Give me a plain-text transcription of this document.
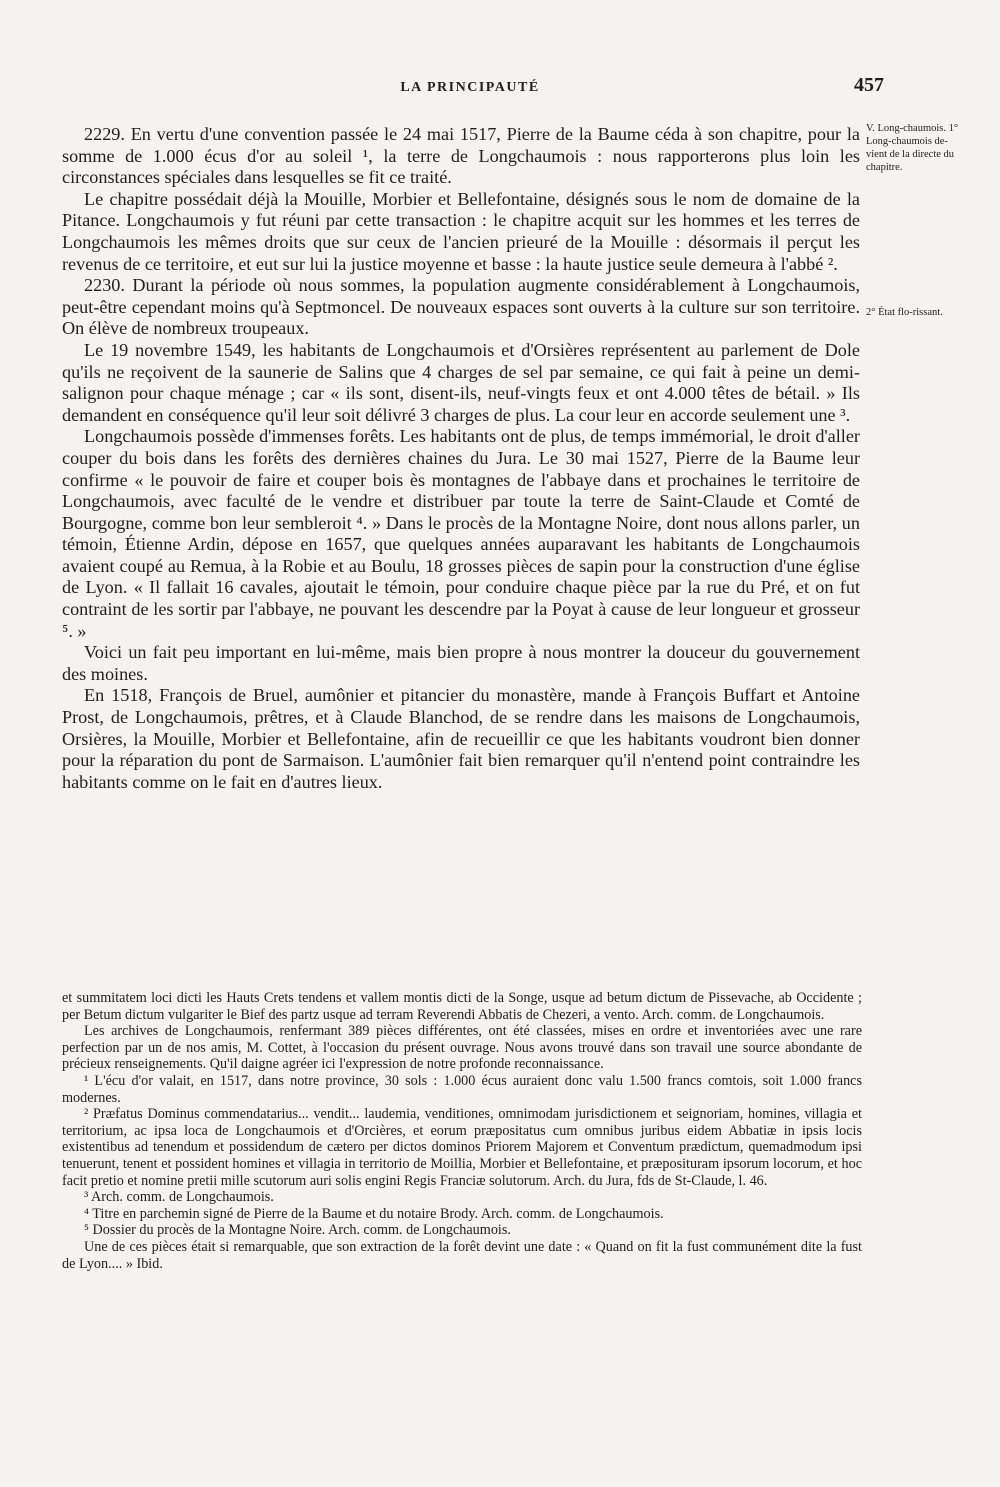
LA PRINCIPAUTÉ	457

2229. En vertu d'une convention passée le 24 mai 1517, Pierre de la Baume céda à son chapitre, pour la somme de 1.000 écus d'or au soleil ¹, la terre de Longchaumois : nous rapporterons plus loin les circonstances spéciales dans lesquelles se fit ce traité.

Le chapitre possédait déjà la Mouille, Morbier et Bellefontaine, désignés sous le nom de domaine de la Pitance. Longchaumois y fut réuni par cette transaction : le chapitre acquit sur les hommes et les terres de Longchaumois les mêmes droits que sur ceux de l'ancien prieuré de la Mouille : désormais il perçut les revenus de ce territoire, et eut sur lui la justice moyenne et basse : la haute justice seule demeura à l'abbé ².

2230. Durant la période où nous sommes, la population augmente considérablement à Longchaumois, peut-être cependant moins qu'à Septmoncel. De nouveaux espaces sont ouverts à la culture sur son territoire. On élève de nombreux troupeaux.

Le 19 novembre 1549, les habitants de Longchaumois et d'Orsières représentent au parlement de Dole qu'ils ne reçoivent de la saunerie de Salins que 4 charges de sel par semaine, ce qui fait à peine un demi-salignon pour chaque ménage ; car « ils sont, disent-ils, neuf-vingts feux et ont 4.000 têtes de bétail. » Ils demandent en conséquence qu'il leur soit délivré 3 charges de plus. La cour leur en accorde seulement une ³.

Longchaumois possède d'immenses forêts. Les habitants ont de plus, de temps immémorial, le droit d'aller couper du bois dans les forêts des dernières chaines du Jura. Le 30 mai 1527, Pierre de la Baume leur confirme « le pouvoir de faire et couper bois ès montagnes de l'abbaye dans et prochaines le territoire de Longchaumois, avec faculté de le vendre et distribuer par toute la terre de Saint-Claude et Comté de Bourgogne, comme bon leur sembleroit ⁴. » Dans le procès de la Montagne Noire, dont nous allons parler, un témoin, Étienne Ardin, dépose en 1657, que quelques années auparavant les habitants de Longchaumois avaient coupé au Remua, à la Robie et au Boulu, 18 grosses pièces de sapin pour la construction d'une église de Lyon. « Il fallait 16 cavales, ajoutait le témoin, pour conduire chaque pièce par la rue du Pré, et on fut contraint de les sortir par l'abbaye, ne pouvant les descendre par la Poyat à cause de leur longueur et grosseur ⁵. »

Voici un fait peu important en lui-même, mais bien propre à nous montrer la douceur du gouvernement des moines.

En 1518, François de Bruel, aumônier et pitancier du monastère, mande à François Buffart et Antoine Prost, de Longchaumois, prêtres, et à Claude Blanchod, de se rendre dans les maisons de Longchaumois, Orsières, la Mouille, Morbier et Bellefontaine, afin de recueillir ce que les habitants voudront bien donner pour la réparation du pont de Sarmaison. L'aumônier fait bien remarquer qu'il n'entend point contraindre les habitants comme on le fait en d'autres lieux.

V. Long-chaumois. 1° Long-chaumois de-vient de la directe du chapitre.
2° État flo-rissant.

et summitatem loci dicti les Hauts Crets tendens et vallem montis dicti de la Songe, usque ad betum dictum de Pissevache, ab Occidente ; per Betum dictum vulgariter le Bief des partz usque ad terram Reverendi Abbatis de Chezeri, a vento. Arch. comm. de Longchaumois.

Les archives de Longchaumois, renfermant 389 pièces différentes, ont été classées, mises en ordre et inventoriées avec une rare perfection par un de nos amis, M. Cottet, à l'occasion du présent ouvrage. Nous avons trouvé dans son travail une source abondante de précieux renseignements. Qu'il daigne agréer ici l'expression de notre profonde reconnaissance.

¹ L'écu d'or valait, en 1517, dans notre province, 30 sols : 1.000 écus auraient donc valu 1.500 francs comtois, soit 1.000 francs modernes.

² Præfatus Dominus commendatarius... vendit... laudemia, venditiones, omnimodam jurisdictionem et seignoriam, homines, villagia et territorium, ac ipsa loca de Longchaumois et d'Orcières, et eorum præpositatus cum omnibus juribus eidem Abbatiæ in ipsis locis existentibus ad tenendum et possidendum de cætero per dictos dominos Priorem Majorem et Conventum prædictum, quemadmodum ipsi tenuerunt, tenent et possident homines et villagia in territorio de Moillia, Morbier et Bellefontaine, et præposituram ipsorum locorum, et hoc facit pretio et nomine pretii mille scutorum auri solis engini Regis Franciæ solutorum. Arch. du Jura, fds de St-Claude, l. 46.

³ Arch. comm. de Longchaumois.

⁴ Titre en parchemin signé de Pierre de la Baume et du notaire Brody. Arch. comm. de Longchaumois.

⁵ Dossier du procès de la Montagne Noire. Arch. comm. de Longchaumois.

Une de ces pièces était si remarquable, que son extraction de la forêt devint une date : « Quand on fit la fust communément dite la fust de Lyon.... » Ibid.
